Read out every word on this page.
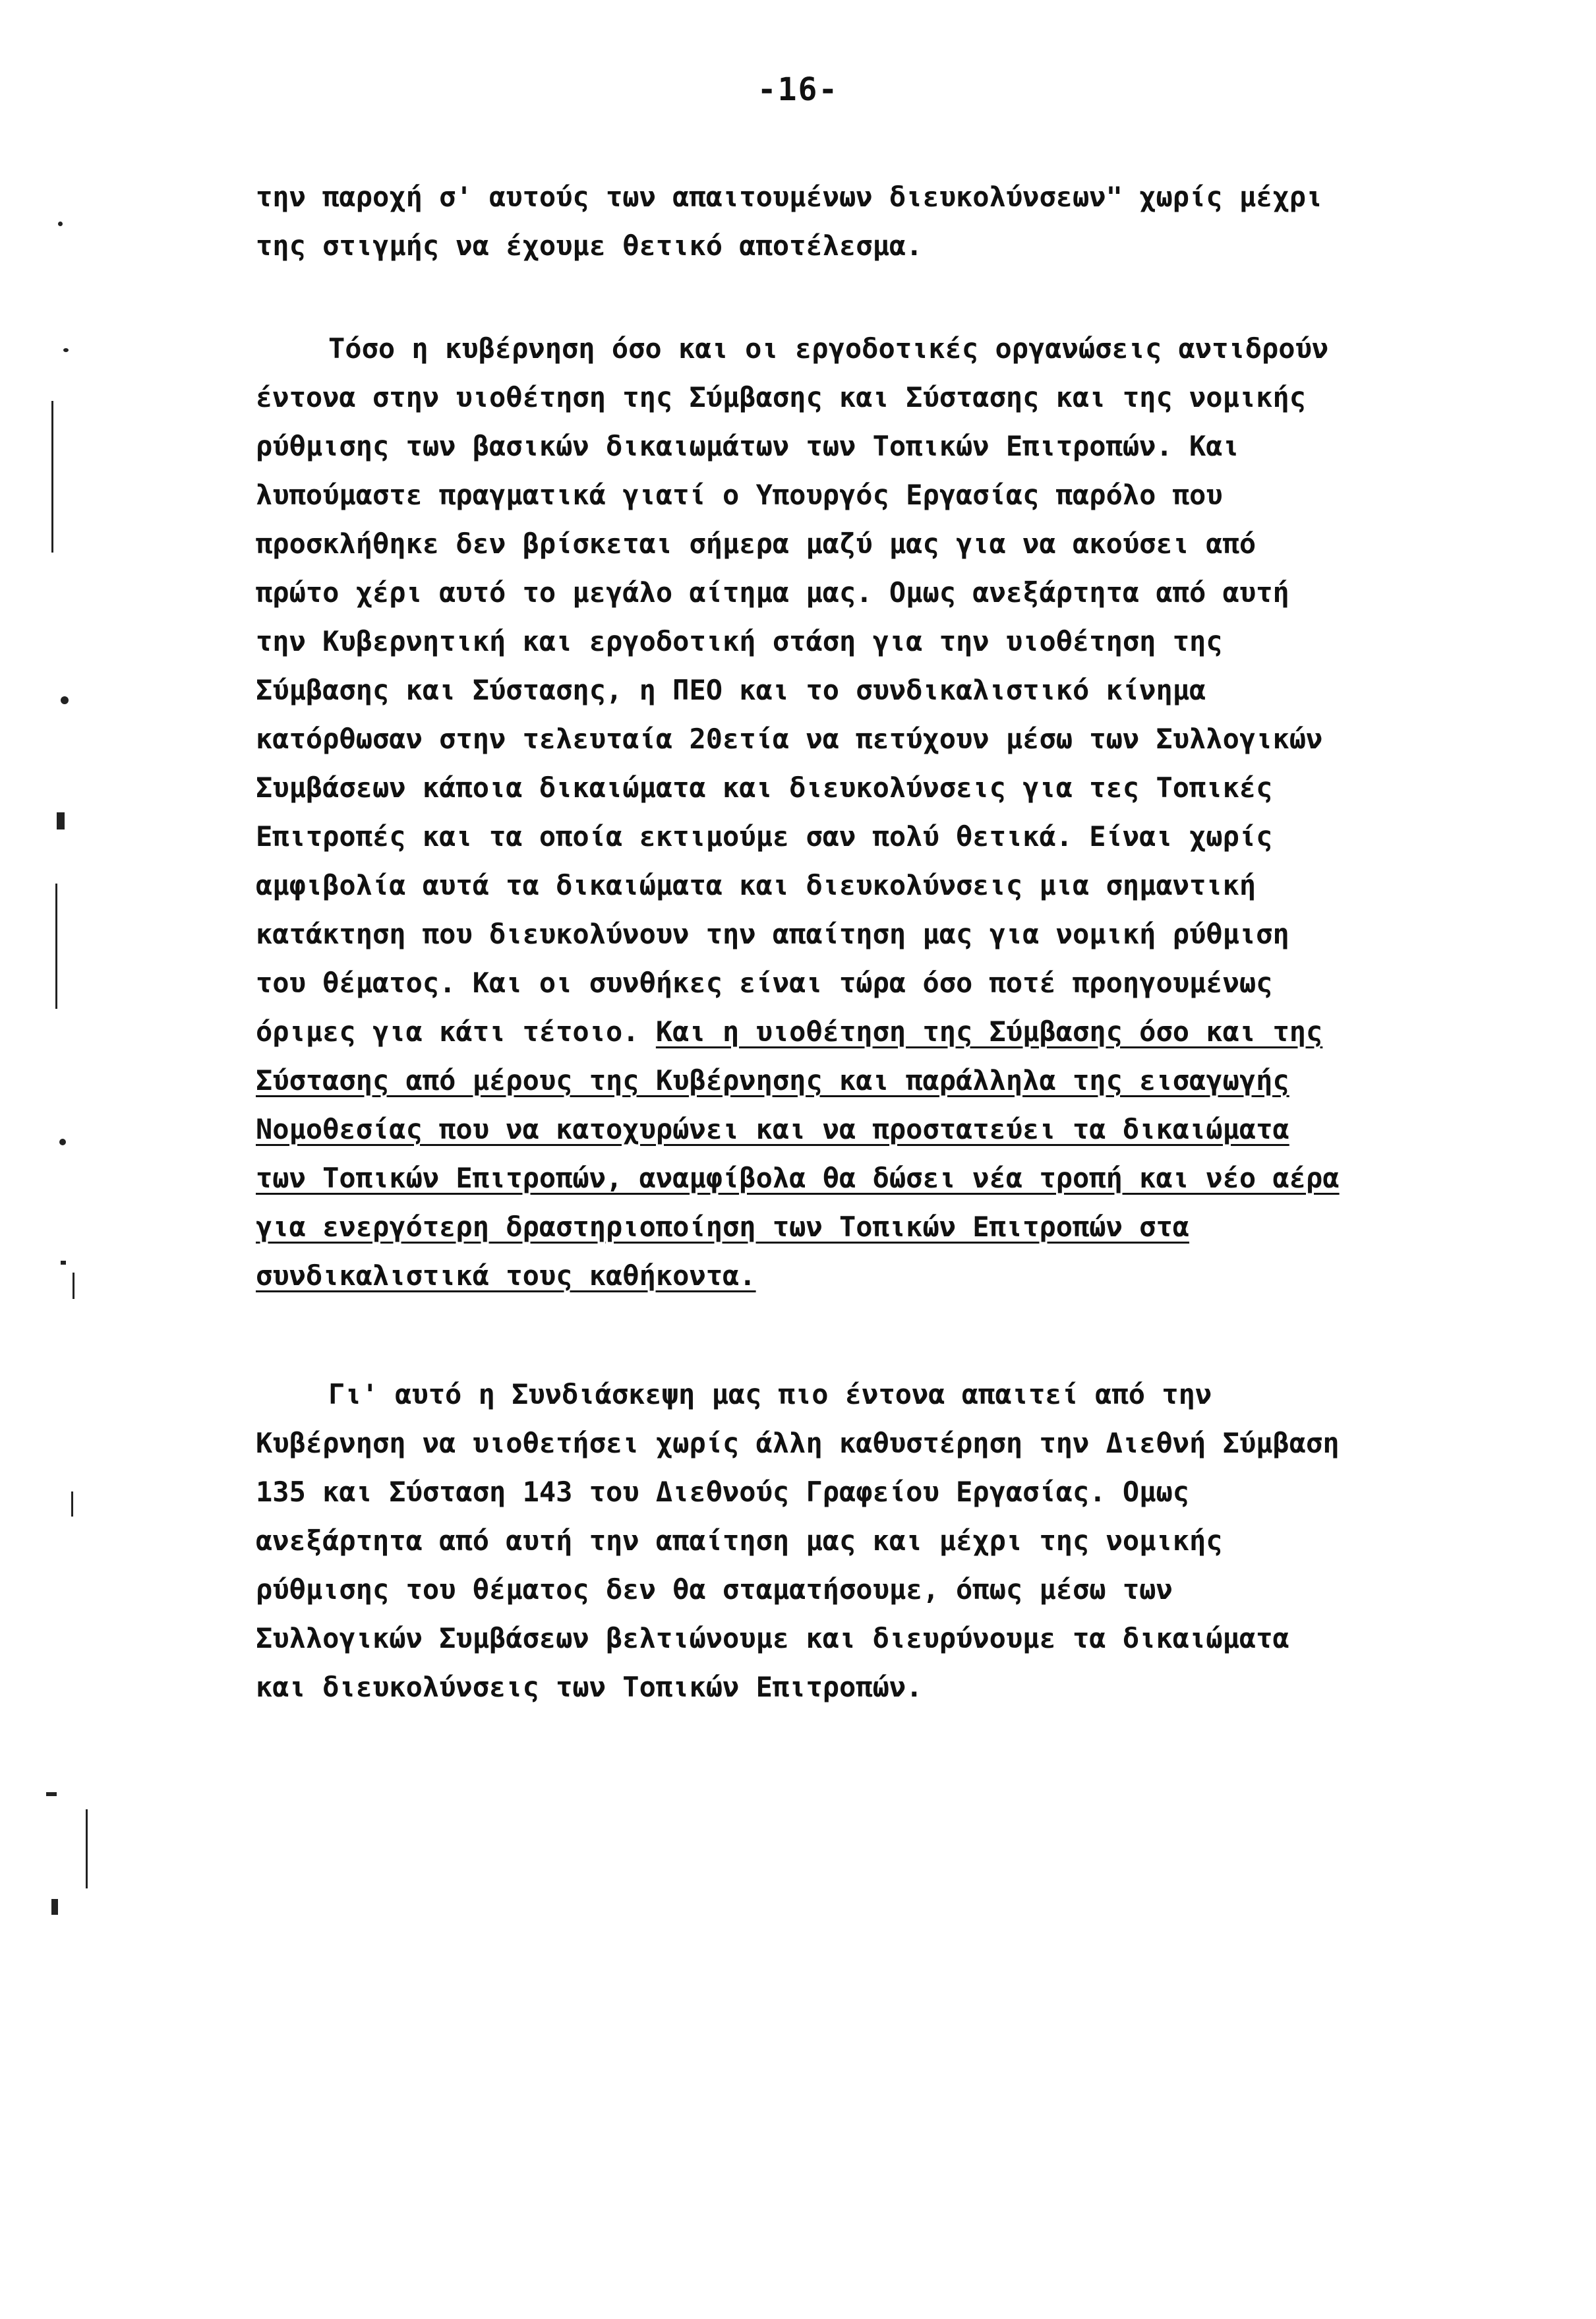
-16-

την παροχή σ' αυτούς των απαιτουμένων διευκολύνσεων" χωρίς μέχρι
της στιγμής να έχουμε θετικό αποτέλεσμα.

Τόσο η κυβέρνηση όσο και οι εργοδοτικές οργανώσεις αντιδρούν
έντονα στην υιοθέτηση της Σύμβασης και Σύστασης και της νομικής
ρύθμισης των βασικών δικαιωμάτων των Τοπικών Επιτροπών. Και
λυπούμαστε πραγματικά γιατί ο Υπουργός Εργασίας παρόλο που
προσκλήθηκε δεν βρίσκεται σήμερα μαζύ μας για να ακούσει από
πρώτο χέρι αυτό το μεγάλο αίτημα μας. Ομως ανεξάρτητα από αυτή
την Κυβερνητική και εργοδοτική στάση για την υιοθέτηση της
Σύμβασης και Σύστασης, η ΠΕΟ και το συνδικαλιστικό κίνημα
κατόρθωσαν στην τελευταία 20ετία να πετύχουν μέσω των Συλλογικών
Συμβάσεων κάποια δικαιώματα και διευκολύνσεις για τες Τοπικές
Επιτροπές και τα οποία εκτιμούμε σαν πολύ θετικά. Είναι χωρίς
αμφιβολία αυτά τα δικαιώματα και διευκολύνσεις μια σημαντική
κατάκτηση που διευκολύνουν την απαίτηση μας για νομική ρύθμιση
του θέματος. Και οι συνθήκες είναι τώρα όσο ποτέ προηγουμένως
όριμες για κάτι τέτοιο. Και η υιοθέτηση της Σύμβασης όσο και της
Σύστασης από μέρους της Κυβέρνησης και παράλληλα της εισαγωγής
Νομοθεσίας που να κατοχυρώνει και να προστατεύει τα δικαιώματα
των Τοπικών Επιτροπών, αναμφίβολα θα δώσει νέα τροπή και νέο αέρα
για ενεργότερη δραστηριοποίηση των Τοπικών Επιτροπών στα
συνδικαλιστικά τους καθήκοντα.

Γι' αυτό η Συνδιάσκεψη μας πιο έντονα απαιτεί από την
Κυβέρνηση να υιοθετήσει χωρίς άλλη καθυστέρηση την Διεθνή Σύμβαση
135 και Σύσταση 143 του Διεθνούς Γραφείου Εργασίας. Ομως
ανεξάρτητα από αυτή την απαίτηση μας και μέχρι της νομικής
ρύθμισης του θέματος δεν θα σταματήσουμε, όπως μέσω των
Συλλογικών Συμβάσεων βελτιώνουμε και διευρύνουμε τα δικαιώματα
και διευκολύνσεις των Τοπικών Επιτροπών.
